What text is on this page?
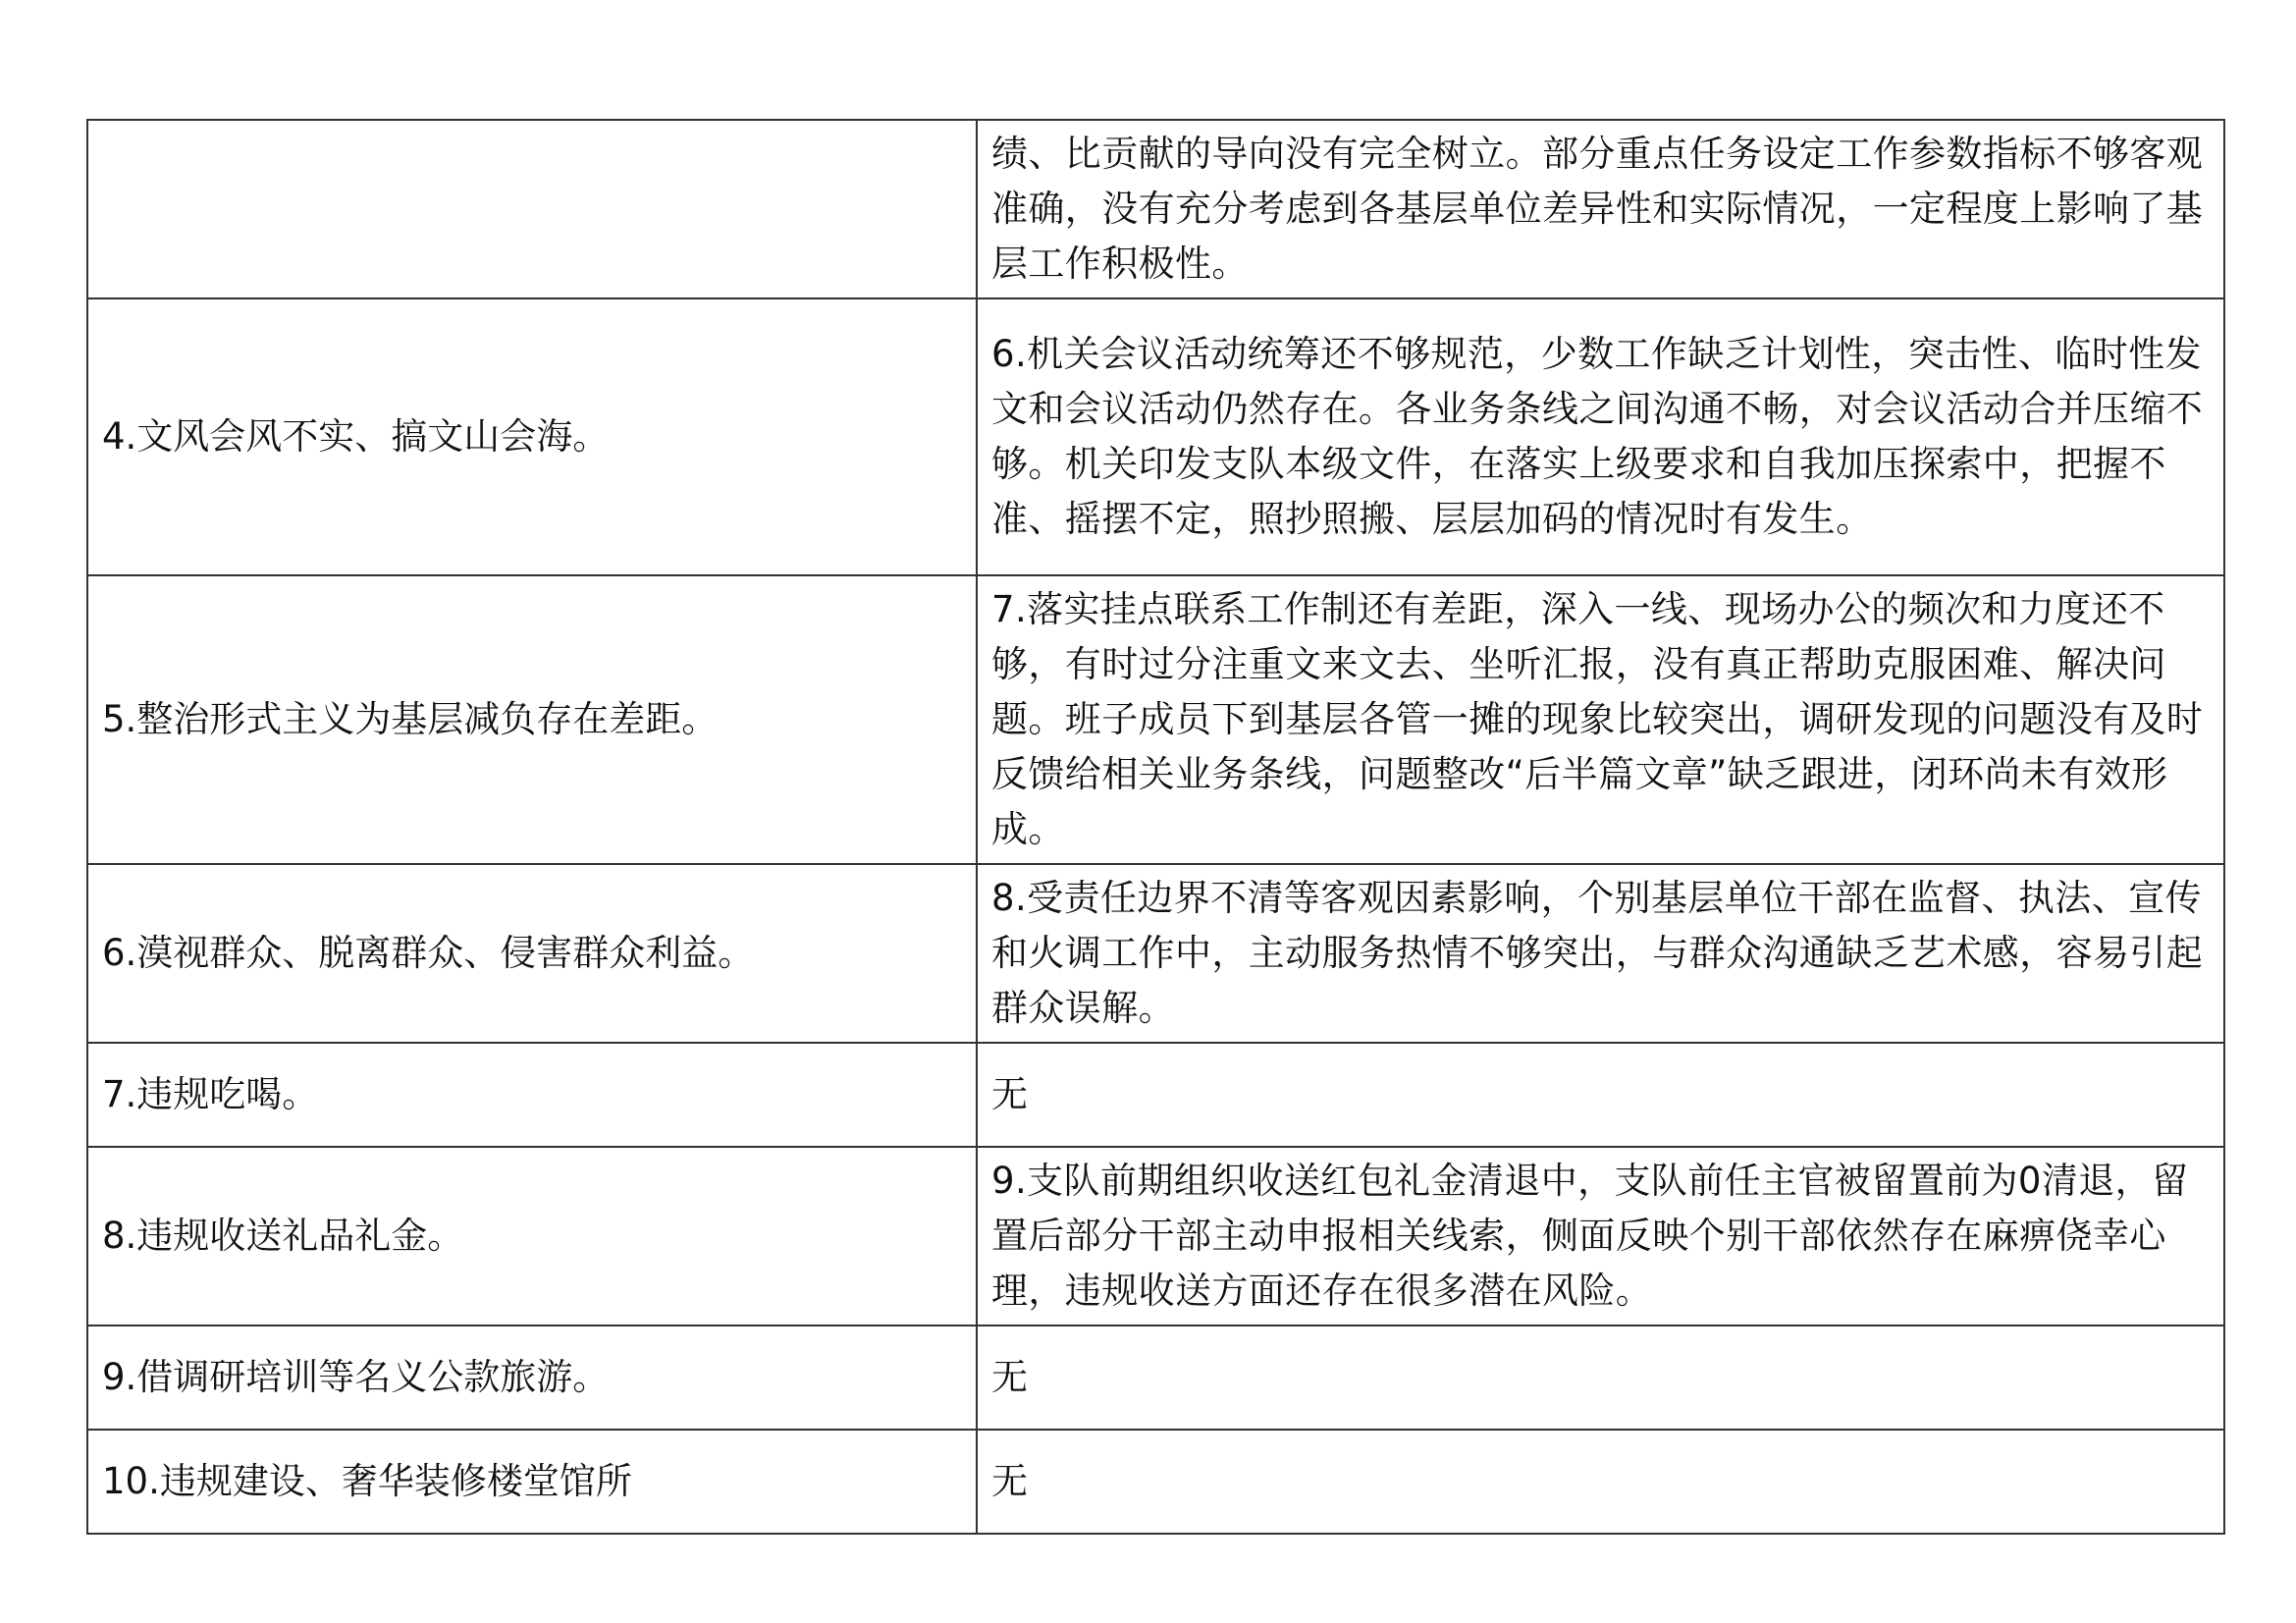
	绩、比贡献的导向没有完全树立。部分重点任务设定工作参数指标不够客观准确，没有充分考虑到各基层单位差异性和实际情况，一定程度上影响了基层工作积极性。
4.文风会风不实、搞文山会海。	6.机关会议活动统筹还不够规范，少数工作缺乏计划性，突击性、临时性发文和会议活动仍然存在。各业务条线之间沟通不畅，对会议活动合并压缩不够。机关印发支队本级文件，在落实上级要求和自我加压探索中，把握不准、摇摆不定，照抄照搬、层层加码的情况时有发生。
5.整治形式主义为基层减负存在差距。	7.落实挂点联系工作制还有差距，深入一线、现场办公的频次和力度还不够，有时过分注重文来文去、坐听汇报，没有真正帮助克服困难、解决问题。班子成员下到基层各管一摊的现象比较突出，调研发现的问题没有及时反馈给相关业务条线，问题整改“后半篇文章”缺乏跟进，闭环尚未有效形成。
6.漠视群众、脱离群众、侵害群众利益。	8.受责任边界不清等客观因素影响，个别基层单位干部在监督、执法、宣传和火调工作中，主动服务热情不够突出，与群众沟通缺乏艺术感，容易引起群众误解。
7.违规吃喝。	无
8.违规收送礼品礼金。	9.支队前期组织收送红包礼金清退中，支队前任主官被留置前为0清退，留置后部分干部主动申报相关线索，侧面反映个别干部依然存在麻痹侥幸心理，违规收送方面还存在很多潜在风险。
9.借调研培训等名义公款旅游。	无
10.违规建设、奢华装修楼堂馆所	无
